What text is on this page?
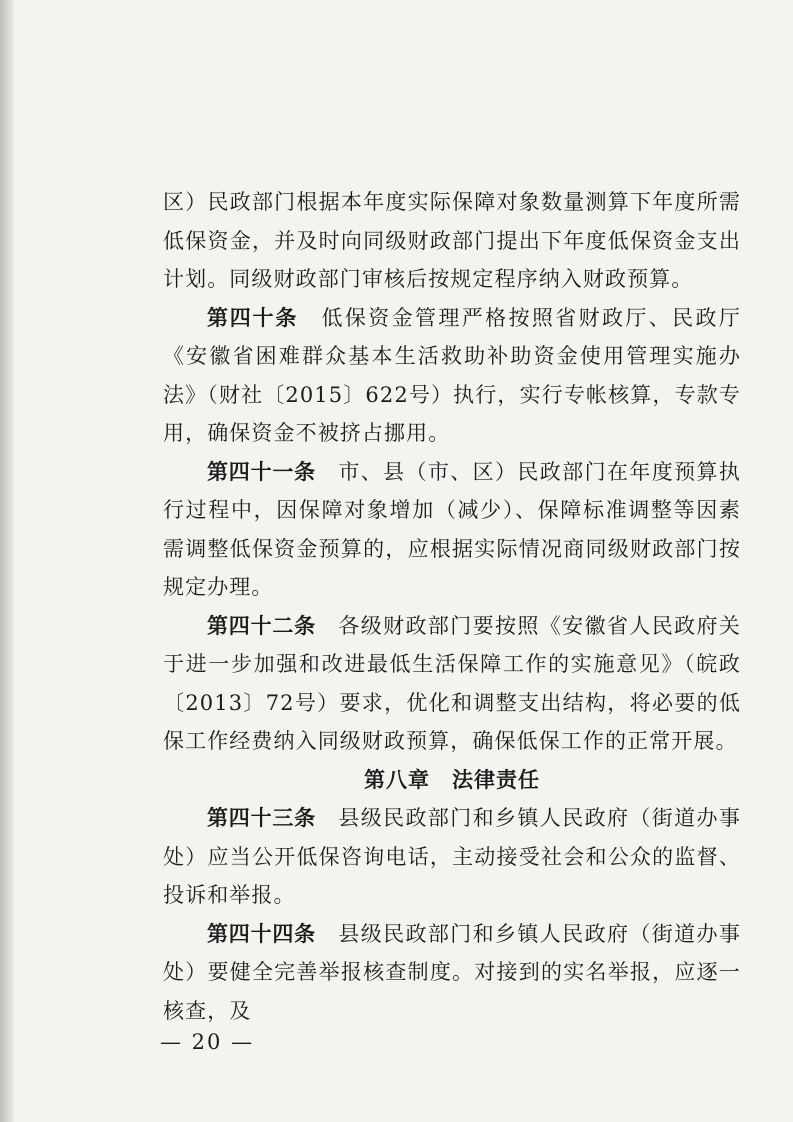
区）民政部门根据本年度实际保障对象数量测算下年度所需低保资金，并及时向同级财政部门提出下年度低保资金支出计划。同级财政部门审核后按规定程序纳入财政预算。

第四十条　 低保资金管理严格按照省财政厅、民政厅《安徽省困难群众基本生活救助补助资金使用管理实施办法》（财社〔2015〕622号）执行，实行专帐核算，专款专用，确保资金不被挤占挪用。

第四十一条　 市、县（市、区）民政部门在年度预算执行过程中，因保障对象增加（减少）、保障标准调整等因素需调整低保资金预算的，应根据实际情况商同级财政部门按规定办理。

第四十二条　 各级财政部门要按照《安徽省人民政府关于进一步加强和改进最低生活保障工作的实施意见》（皖政〔2013〕72号）要求，优化和调整支出结构，将必要的低保工作经费纳入同级财政预算，确保低保工作的正常开展。

第八章　法律责任

第四十三条　 县级民政部门和乡镇人民政府（街道办事处）应当公开低保咨询电话，主动接受社会和公众的监督、投诉和举报。

第四十四条　 县级民政部门和乡镇人民政府（街道办事处）要健全完善举报核查制度。对接到的实名举报，应逐一核查，及

— 20 —
